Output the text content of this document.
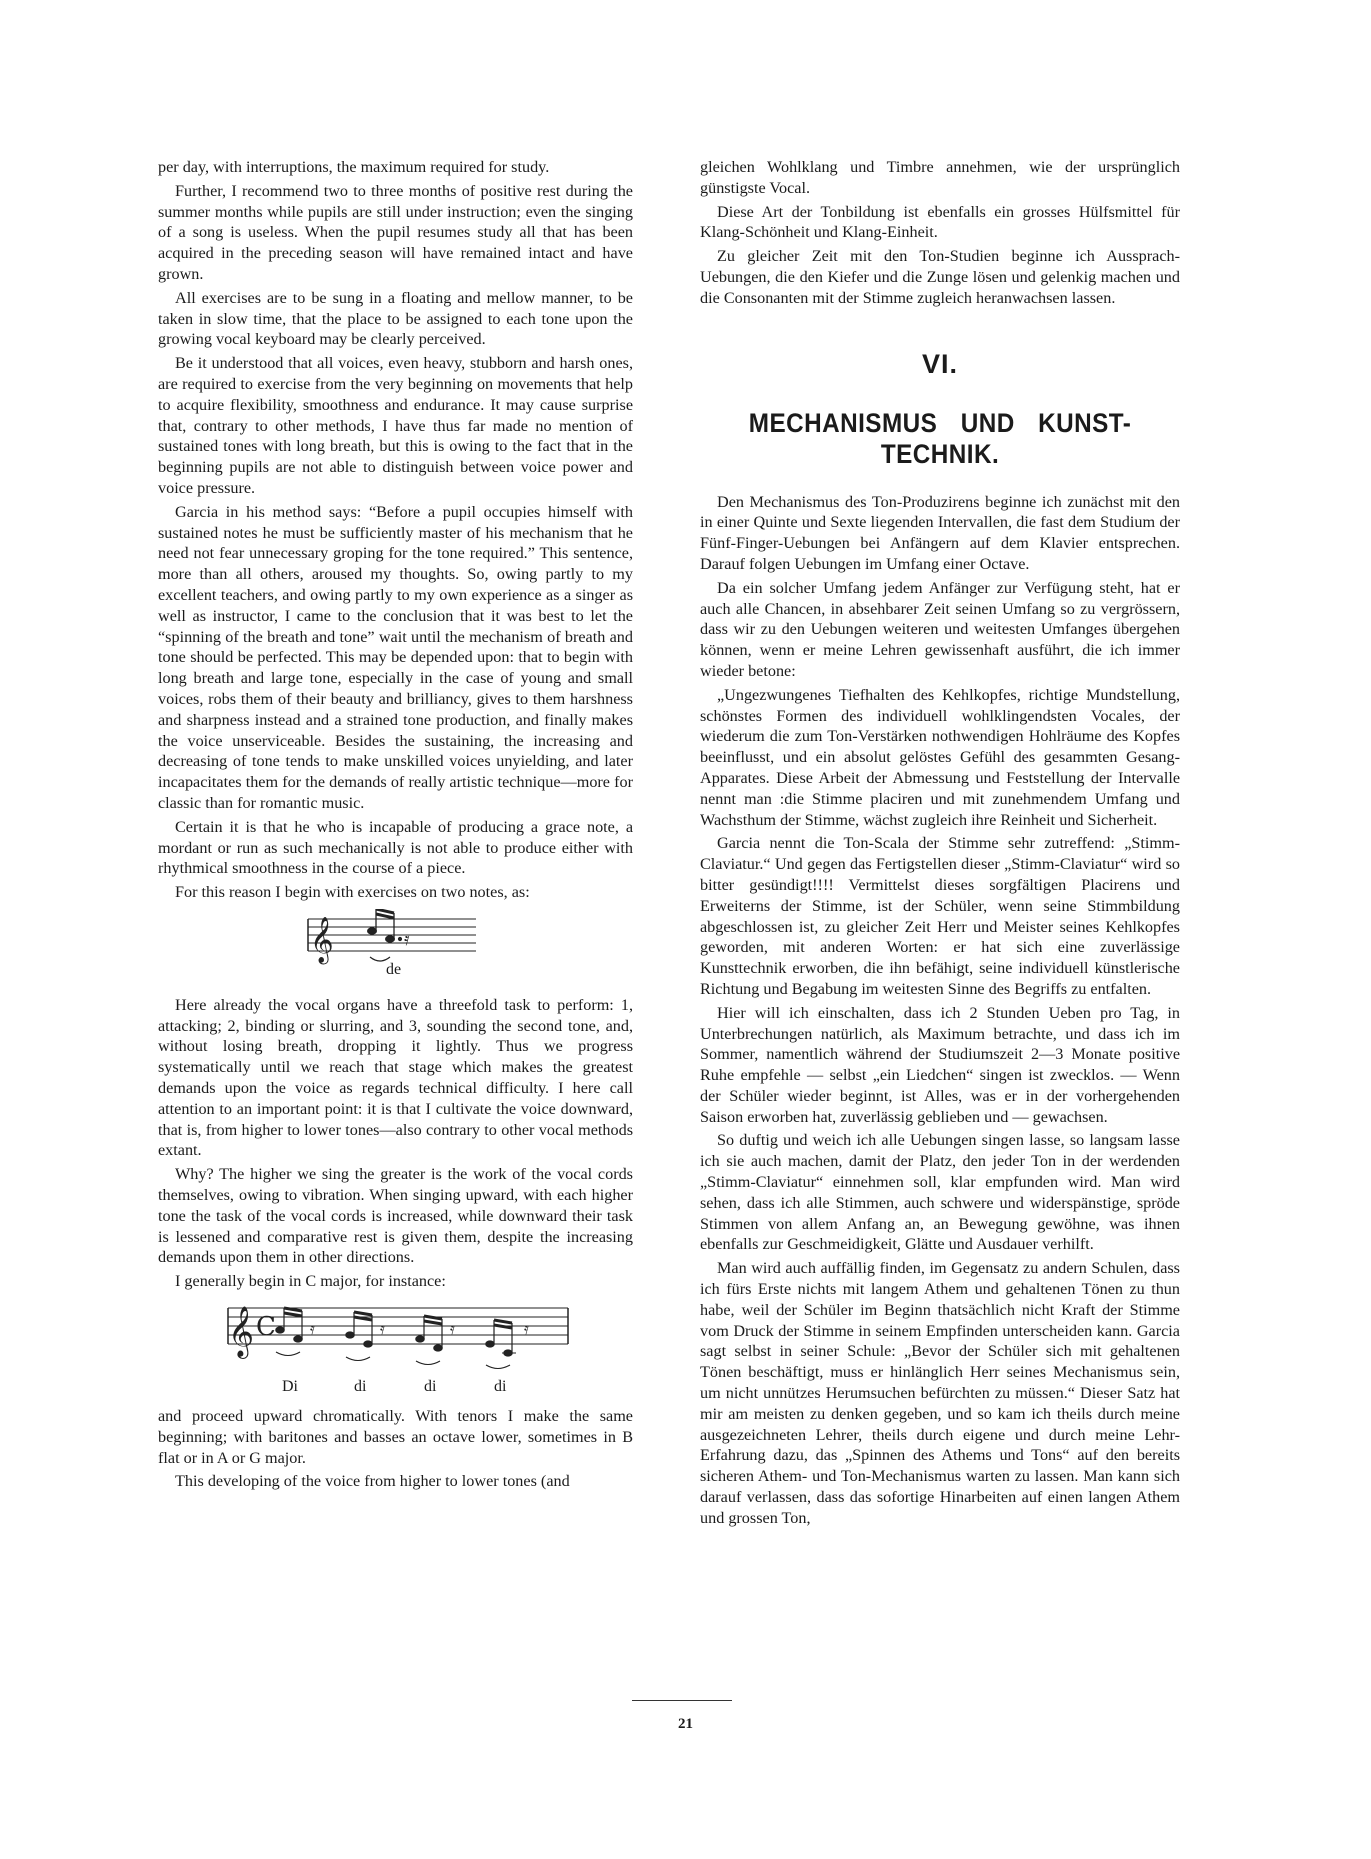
per day, with interruptions, the maximum required for study.

Further, I recommend two to three months of positive rest during the summer months while pupils are still under instruction; even the singing of a song is useless. When the pupil resumes study all that has been acquired in the preceding season will have remained intact and have grown.

All exercises are to be sung in a floating and mellow manner, to be taken in slow time, that the place to be assigned to each tone upon the growing vocal keyboard may be clearly perceived.

Be it understood that all voices, even heavy, stubborn and harsh ones, are required to exercise from the very beginning on movements that help to acquire flexibility, smoothness and endurance. It may cause surprise that, contrary to other methods, I have thus far made no mention of sustained tones with long breath, but this is owing to the fact that in the beginning pupils are not able to distinguish between voice power and voice pressure.

Garcia in his method says: “Before a pupil occupies himself with sustained notes he must be sufficiently master of his mechanism that he need not fear unnecessary groping for the tone required.” This sentence, more than all others, aroused my thoughts. So, owing partly to my excellent teachers, and owing partly to my own experience as a singer as well as instructor, I came to the conclusion that it was best to let the “spinning of the breath and tone” wait until the mechanism of breath and tone should be perfected. This may be depended upon: that to begin with long breath and large tone, especially in the case of young and small voices, robs them of their beauty and brilliancy, gives to them harshness and sharpness instead and a strained tone production, and finally makes the voice unserviceable. Besides the sustaining, the increasing and decreasing of tone tends to make unskilled voices unyielding, and later incapacitates them for the demands of really artistic technique—more for classic than for romantic music.

Certain it is that he who is incapable of producing a grace note, a mordant or run as such mechanically is not able to produce either with rhythmical smoothness in the course of a piece.

For this reason I begin with exercises on two notes, as:

𝄞	𝄿
de

Here already the vocal organs have a threefold task to perform: 1, attacking; 2, binding or slurring, and 3, sounding the second tone, and, without losing breath, dropping it lightly. Thus we progress systematically until we reach that stage which makes the greatest demands upon the voice as regards technical difficulty. I here call attention to an important point: it is that I cultivate the voice downward, that is, from higher to lower tones—also contrary to other vocal methods extant.

Why? The higher we sing the greater is the work of the vocal cords themselves, owing to vibration. When singing upward, with each higher tone the task of the vocal cords is increased, while downward their task is lessened and comparative rest is given them, despite the increasing demands upon them in other directions.

I generally begin in C major, for instance:

𝄞 C 𝄿	𝄿	𝄿	𝄿
Di	di	di	di

and proceed upward chromatically. With tenors I make the same beginning; with baritones and basses an octave lower, sometimes in B flat or in A or G major.

This developing of the voice from higher to lower tones (and

gleichen Wohlklang und Timbre annehmen, wie der ursprünglich günstigste Vocal.

Diese Art der Tonbildung ist ebenfalls ein grosses Hülfsmittel für Klang-Schönheit und Klang-Einheit.

Zu gleicher Zeit mit den Ton-Studien beginne ich Aussprach-Uebungen, die den Kiefer und die Zunge lösen und gelenkig machen und die Consonanten mit der Stimme zugleich heranwachsen lassen.

VI.
MECHANISMUS UND KUNST-TECHNIK.

Den Mechanismus des Ton-Produzirens beginne ich zunächst mit den in einer Quinte und Sexte liegenden Intervallen, die fast dem Studium der Fünf-Finger-Uebungen bei Anfängern auf dem Klavier entsprechen. Darauf folgen Uebungen im Umfang einer Octave.

Da ein solcher Umfang jedem Anfänger zur Verfügung steht, hat er auch alle Chancen, in absehbarer Zeit seinen Umfang so zu vergrössern, dass wir zu den Uebungen weiteren und weitesten Umfanges übergehen können, wenn er meine Lehren gewissenhaft ausführt, die ich immer wieder betone:

„Ungezwungenes Tiefhalten des Kehlkopfes, richtige Mundstellung, schönstes Formen des individuell wohlklingendsten Vocales, der wiederum die zum Ton-Verstärken nothwendigen Hohlräume des Kopfes beeinflusst, und ein absolut gelöstes Gefühl des gesammten Gesang-Apparates. Diese Arbeit der Abmessung und Feststellung der Intervalle nennt man :die Stimme placiren und mit zunehmendem Umfang und Wachsthum der Stimme, wächst zugleich ihre Reinheit und Sicherheit.

Garcia nennt die Ton-Scala der Stimme sehr zutreffend: „Stimm-Claviatur.“ Und gegen das Fertigstellen dieser „Stimm-Claviatur“ wird so bitter gesündigt!!!! Vermittelst dieses sorgfältigen Placirens und Erweiterns der Stimme, ist der Schüler, wenn seine Stimmbildung abgeschlossen ist, zu gleicher Zeit Herr und Meister seines Kehlkopfes geworden, mit anderen Worten: er hat sich eine zuverlässige Kunsttechnik erworben, die ihn befähigt, seine individuell künstlerische Richtung und Begabung im weitesten Sinne des Begriffs zu entfalten.

Hier will ich einschalten, dass ich 2 Stunden Ueben pro Tag, in Unterbrechungen natürlich, als Maximum betrachte, und dass ich im Sommer, namentlich während der Studiumszeit 2—3 Monate positive Ruhe empfehle — selbst „ein Liedchen“ singen ist zwecklos. — Wenn der Schüler wieder beginnt, ist Alles, was er in der vorhergehenden Saison erworben hat, zuverlässig geblieben und — gewachsen.

So duftig und weich ich alle Uebungen singen lasse, so langsam lasse ich sie auch machen, damit der Platz, den jeder Ton in der werdenden „Stimm-Claviatur“ einnehmen soll, klar empfunden wird. Man wird sehen, dass ich alle Stimmen, auch schwere und widerspänstige, spröde Stimmen von allem Anfang an, an Bewegung gewöhne, was ihnen ebenfalls zur Geschmeidigkeit, Glätte und Ausdauer verhilft.

Man wird auch auffällig finden, im Gegensatz zu andern Schulen, dass ich fürs Erste nichts mit langem Athem und gehaltenen Tönen zu thun habe, weil der Schüler im Beginn thatsächlich nicht Kraft der Stimme vom Druck der Stimme in seinem Empfinden unterscheiden kann. Garcia sagt selbst in seiner Schule: „Bevor der Schüler sich mit gehaltenen Tönen beschäftigt, muss er hinlänglich Herr seines Mechanismus sein, um nicht unnützes Herumsuchen befürchten zu müssen.“ Dieser Satz hat mir am meisten zu denken gegeben, und so kam ich theils durch meine ausgezeichneten Lehrer, theils durch eigene und durch meine Lehr-Erfahrung dazu, das „Spinnen des Athems und Tons“ auf den bereits sicheren Athem- und Ton-Mechanismus warten zu lassen. Man kann sich darauf verlassen, dass das sofortige Hinarbeiten auf einen langen Athem und grossen Ton,

21
